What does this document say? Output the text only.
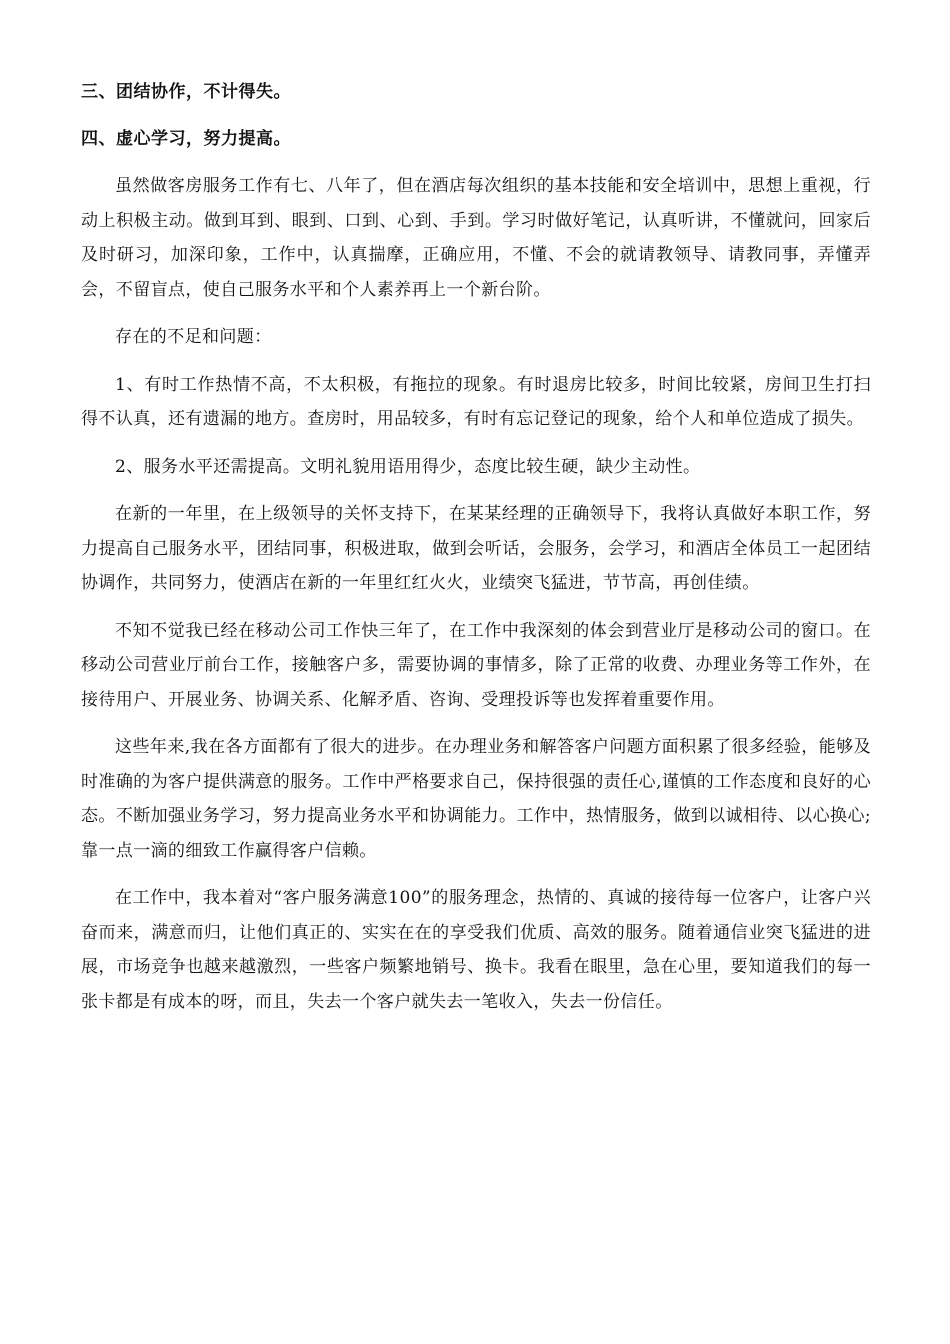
三、团结协作，不计得失。

四、虚心学习，努力提高。

虽然做客房服务工作有七、八年了，但在酒店每次组织的基本技能和安全培训中，思想上重视，行动上积极主动。做到耳到、眼到、口到、心到、手到。学习时做好笔记，认真听讲，不懂就问，回家后及时研习，加深印象，工作中，认真揣摩，正确应用，不懂、不会的就请教领导、请教同事，弄懂弄会，不留盲点，使自己服务水平和个人素养再上一个新台阶。

存在的不足和问题：

1、有时工作热情不高，不太积极，有拖拉的现象。有时退房比较多，时间比较紧，房间卫生打扫得不认真，还有遗漏的地方。查房时，用品较多，有时有忘记登记的现象，给个人和单位造成了损失。

2、服务水平还需提高。文明礼貌用语用得少，态度比较生硬，缺少主动性。

在新的一年里，在上级领导的关怀支持下，在某某经理的正确领导下，我将认真做好本职工作，努力提高自己服务水平，团结同事，积极进取，做到会听话，会服务，会学习，和酒店全体员工一起团结协调作，共同努力，使酒店在新的一年里红红火火，业绩突飞猛进，节节高，再创佳绩。

不知不觉我已经在移动公司工作快三年了，在工作中我深刻的体会到营业厅是移动公司的窗口。在移动公司营业厅前台工作，接触客户多，需要协调的事情多，除了正常的收费、办理业务等工作外，在接待用户、开展业务、协调关系、化解矛盾、咨询、受理投诉等也发挥着重要作用。

这些年来,我在各方面都有了很大的进步。在办理业务和解答客户问题方面积累了很多经验，能够及时准确的为客户提供满意的服务。工作中严格要求自己，保持很强的责任心,谨慎的工作态度和良好的心态。不断加强业务学习，努力提高业务水平和协调能力。工作中，热情服务，做到以诚相待、以心换心;靠一点一滴的细致工作赢得客户信赖。

在工作中，我本着对“客户服务满意100”的服务理念，热情的、真诚的接待每一位客户，让客户兴奋而来，满意而归，让他们真正的、实实在在的享受我们优质、高效的服务。随着通信业突飞猛进的进展，市场竞争也越来越激烈，一些客户频繁地销号、换卡。我看在眼里，急在心里，要知道我们的每一张卡都是有成本的呀，而且，失去一个客户就失去一笔收入，失去一份信任。
